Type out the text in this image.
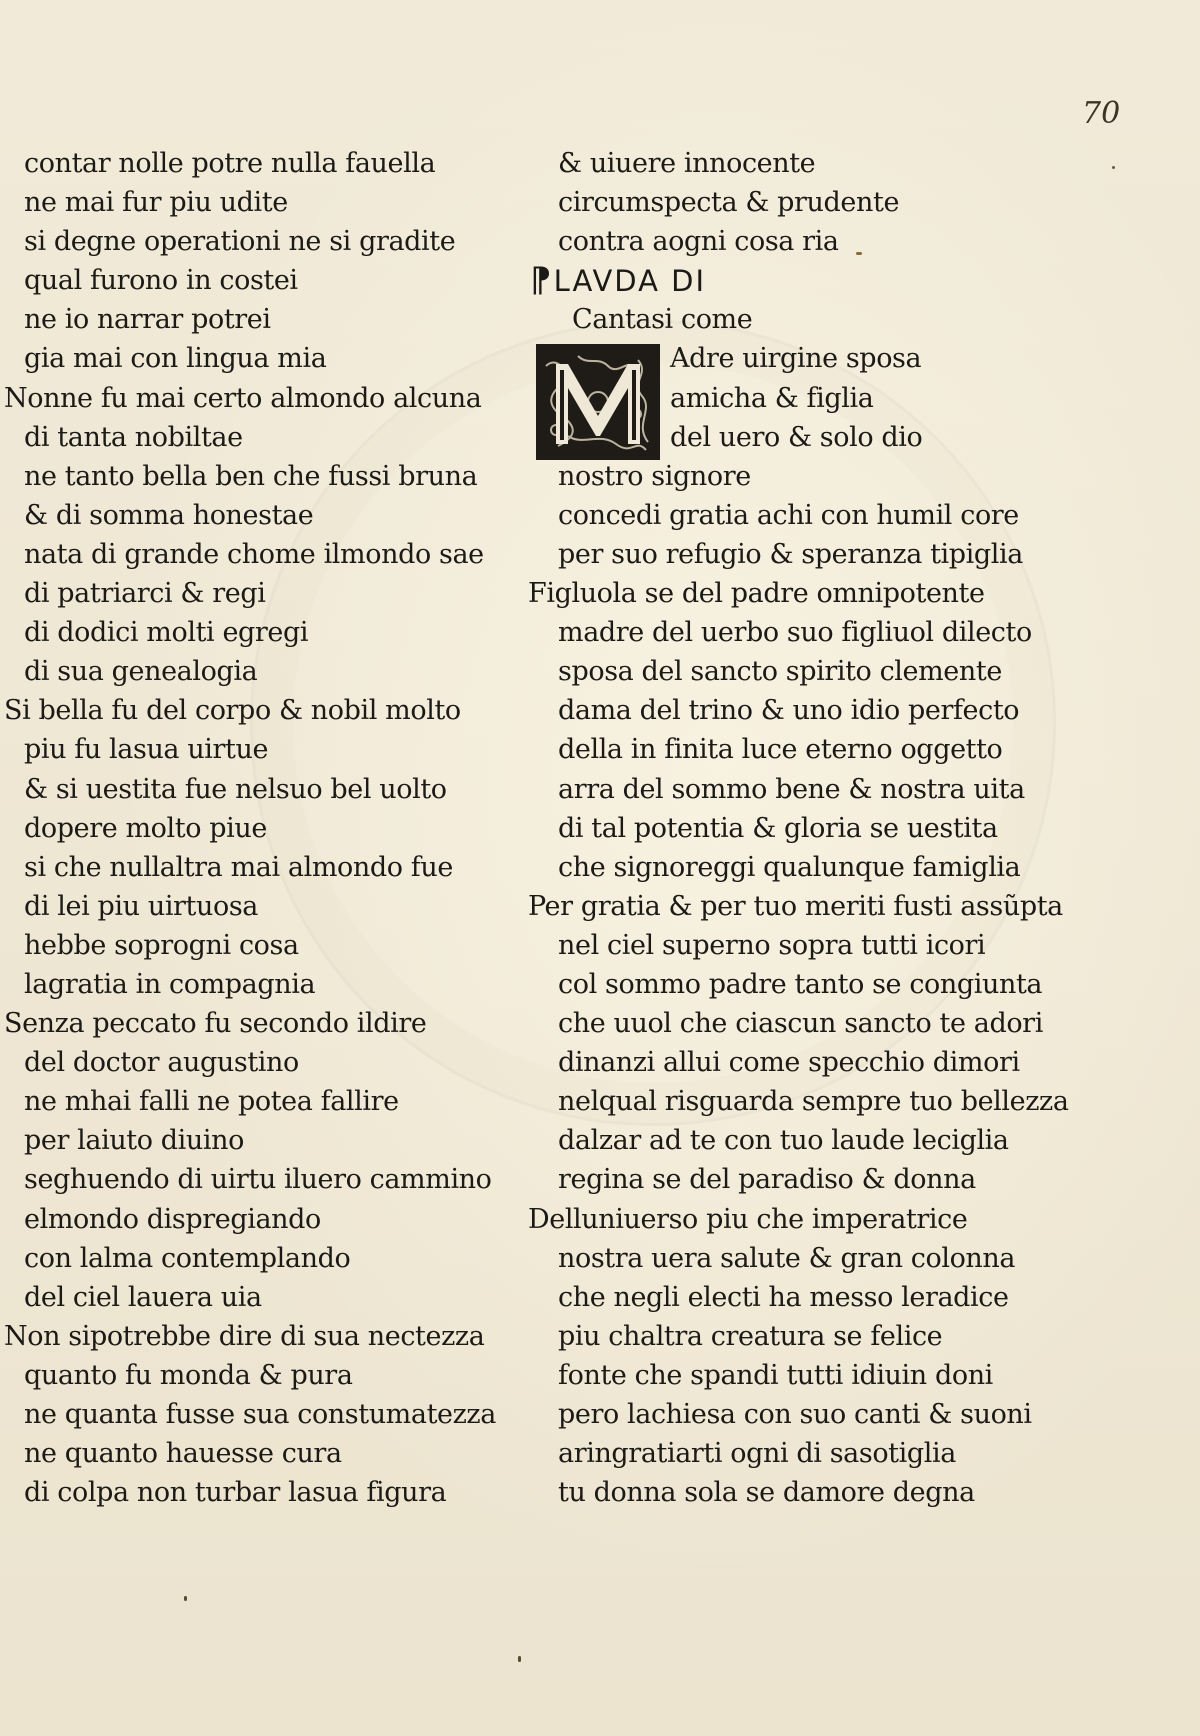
70
contar nolle potre nulla fauella
ne mai fur piu udite
si degne operationi ne si gradite
qual furono in costei
ne io narrar potrei
gia mai con lingua mia
Nonne fu mai certo almondo alcuna
di tanta nobiltae
ne tanto bella ben che fussi bruna
& di somma honestae
nata di grande chome ilmondo sae
di patriarci & regi
di dodici molti egregi
di sua genealogia
Si bella fu del corpo & nobil molto
piu fu lasua uirtue
& si uestita fue nelsuo bel uolto
dopere molto piue
si che nullaltra mai almondo fue
di lei piu uirtuosa
hebbe soprogni cosa
lagratia in compagnia
Senza peccato fu secondo ildire
del doctor augustino
ne mhai falli ne potea fallire
per laiuto diuino
seghuendo di uirtu iluero cammino
elmondo dispregiando
con lalma contemplando
del ciel lauera uia
Non sipotrebbe dire di sua nectezza
quanto fu monda & pura
ne quanta fusse sua constumatezza
ne quanto hauesse cura
di colpa non turbar lasua figura
& uiuere innocente
circumspecta & prudente
contra aogni cosa ria
¶LAVDA DI
Cantasi come
Adre uirgine sposa
amicha & figlia
del uero & solo dio
nostro signore
concedi gratia achi con humil core
per suo refugio & speranza tipiglia
Figluola se del padre omnipotente
madre del uerbo suo figliuol dilecto
sposa del sancto spirito clemente
dama del trino & uno idio perfecto
della in finita luce eterno oggetto
arra del sommo bene & nostra uita
di tal potentia & gloria se uestita
che signoreggi qualunque famiglia
Per gratia & per tuo meriti fusti assũpta
nel ciel superno sopra tutti icori
col sommo padre tanto se congiunta
che uuol che ciascun sancto te adori
dinanzi allui come specchio dimori
nelqual risguarda sempre tuo bellezza
dalzar ad te con tuo laude leciglia
regina se del paradiso & donna
Delluniuerso piu che imperatrice
nostra uera salute & gran colonna
che negli electi ha messo leradice
piu chaltra creatura se felice
fonte che spandi tutti idiuin doni
pero lachiesa con suo canti & suoni
aringratiarti ogni di sasotiglia
tu donna sola se damore degna
